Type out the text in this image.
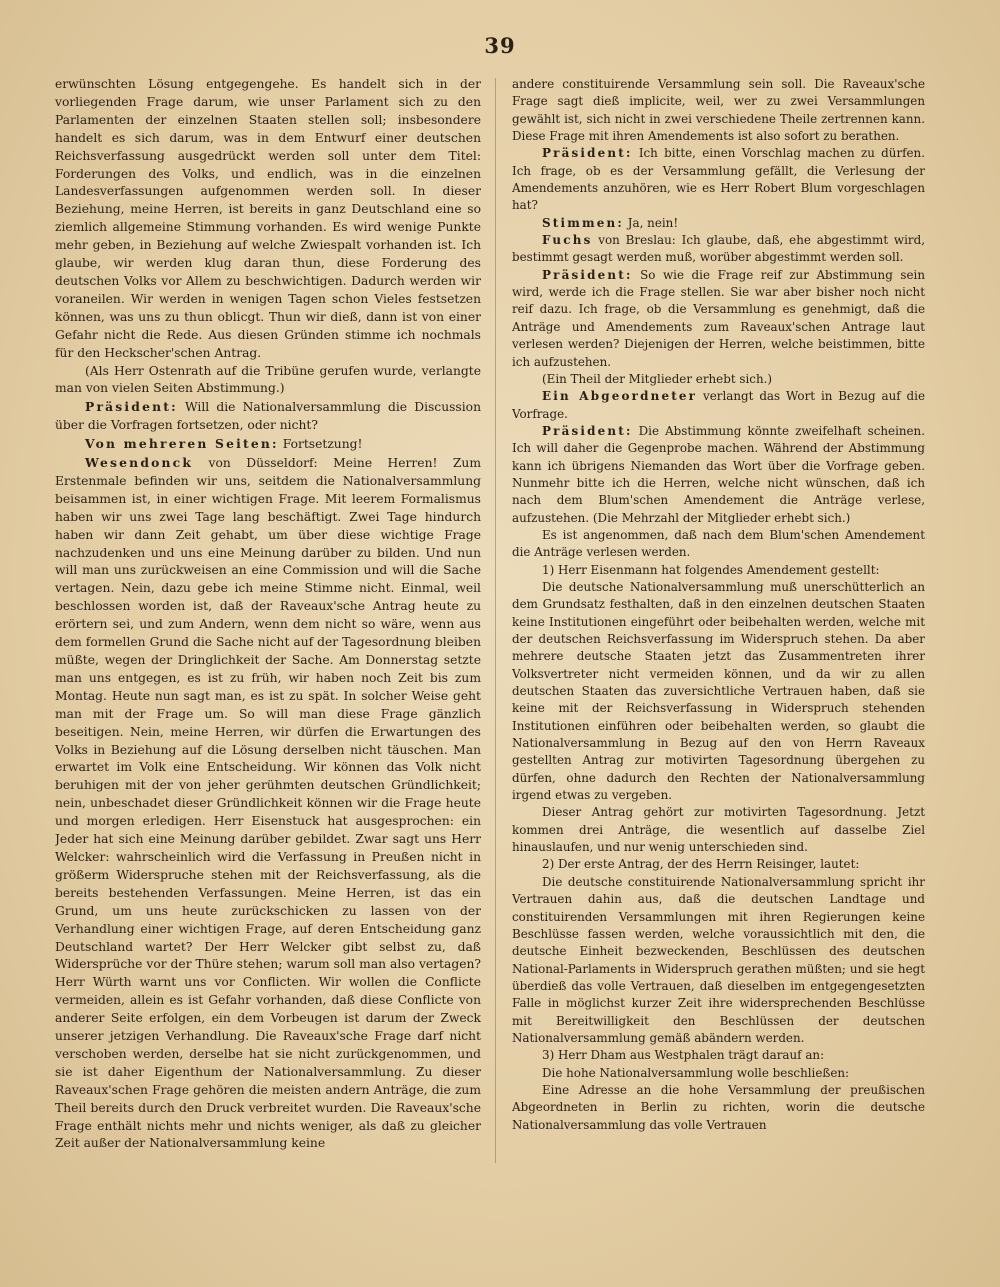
39

erwünschten Lösung entgegengehe. Es handelt sich in der vorliegenden Frage darum, wie unser Parlament sich zu den Parlamenten der einzelnen Staaten stellen soll; insbesondere handelt es sich darum, was in dem Entwurf einer deutschen Reichsverfassung ausgedrückt werden soll unter dem Titel: Forderungen des Volks, und endlich, was in die einzelnen Landesverfassungen aufgenommen werden soll. In dieser Beziehung, meine Herren, ist bereits in ganz Deutschland eine so ziemlich allgemeine Stimmung vorhanden. Es wird wenige Punkte mehr geben, in Beziehung auf welche Zwiespalt vorhanden ist. Ich glaube, wir werden klug daran thun, diese Forderung des deutschen Volks vor Allem zu beschwichtigen. Dadurch werden wir voraneilen. Wir werden in wenigen Tagen schon Vieles festsetzen können, was uns zu thun oblicgt. Thun wir dieß, dann ist von einer Gefahr nicht die Rede. Aus diesen Gründen stimme ich nochmals für den Heckscher'schen Antrag.

(Als Herr Ostenrath auf die Tribüne gerufen wurde, verlangte man von vielen Seiten Abstimmung.)

Präsident: Will die Nationalversammlung die Discussion über die Vorfragen fortsetzen, oder nicht?

Von mehreren Seiten: Fortsetzung!

Wesendonck von Düsseldorf: Meine Herren! Zum Erstenmale befinden wir uns, seitdem die Nationalversammlung beisammen ist, in einer wichtigen Frage. Mit leerem Formalismus haben wir uns zwei Tage lang beschäftigt. Zwei Tage hindurch haben wir dann Zeit gehabt, um über diese wichtige Frage nachzudenken und uns eine Meinung darüber zu bilden. Und nun will man uns zurückweisen an eine Commission und will die Sache vertagen. Nein, dazu gebe ich meine Stimme nicht. Einmal, weil beschlossen worden ist, daß der Raveaux'sche Antrag heute zu erörtern sei, und zum Andern, wenn dem nicht so wäre, wenn aus dem formellen Grund die Sache nicht auf der Tagesordnung bleiben müßte, wegen der Dringlichkeit der Sache. Am Donnerstag setzte man uns entgegen, es ist zu früh, wir haben noch Zeit bis zum Montag. Heute nun sagt man, es ist zu spät. In solcher Weise geht man mit der Frage um. So will man diese Frage gänzlich beseitigen. Nein, meine Herren, wir dürfen die Erwartungen des Volks in Beziehung auf die Lösung derselben nicht täuschen. Man erwartet im Volk eine Entscheidung. Wir können das Volk nicht beruhigen mit der von jeher gerühmten deutschen Gründlichkeit; nein, unbeschadet dieser Gründlichkeit können wir die Frage heute und morgen erledigen. Herr Eisenstuck hat ausgesprochen: ein Jeder hat sich eine Meinung darüber gebildet. Zwar sagt uns Herr Welcker: wahrscheinlich wird die Verfassung in Preußen nicht in größerm Widerspruche stehen mit der Reichsverfassung, als die bereits bestehenden Verfassungen. Meine Herren, ist das ein Grund, um uns heute zurückschicken zu lassen von der Verhandlung einer wichtigen Frage, auf deren Entscheidung ganz Deutschland wartet? Der Herr Welcker gibt selbst zu, daß Widersprüche vor der Thüre stehen; warum soll man also vertagen? Herr Würth warnt uns vor Conflicten. Wir wollen die Conflicte vermeiden, allein es ist Gefahr vorhanden, daß diese Conflicte von anderer Seite erfolgen, ein dem Vorbeugen ist darum der Zweck unserer jetzigen Verhandlung. Die Raveaux'sche Frage darf nicht verschoben werden, derselbe hat sie nicht zurückgenommen, und sie ist daher Eigenthum der Nationalversammlung. Zu dieser Raveaux'schen Frage gehören die meisten andern Anträge, die zum Theil bereits durch den Druck verbreitet wurden. Die Raveaux'sche Frage enthält nichts mehr und nichts weniger, als daß zu gleicher Zeit außer der Nationalversammlung keine

andere constituirende Versammlung sein soll. Die Raveaux'sche Frage sagt dieß implicite, weil, wer zu zwei Versammlungen gewählt ist, sich nicht in zwei verschiedene Theile zertrennen kann. Diese Frage mit ihren Amendements ist also sofort zu berathen.

Präsident: Ich bitte, einen Vorschlag machen zu dürfen. Ich frage, ob es der Versammlung gefällt, die Verlesung der Amendements anzuhören, wie es Herr Robert Blum vorgeschlagen hat?

Stimmen: Ja, nein!

Fuchs von Breslau: Ich glaube, daß, ehe abgestimmt wird, bestimmt gesagt werden muß, worüber abgestimmt werden soll.

Präsident: So wie die Frage reif zur Abstimmung sein wird, werde ich die Frage stellen. Sie war aber bisher noch nicht reif dazu. Ich frage, ob die Versammlung es genehmigt, daß die Anträge und Amendements zum Raveaux'schen Antrage laut verlesen werden? Diejenigen der Herren, welche beistimmen, bitte ich aufzustehen.

(Ein Theil der Mitglieder erhebt sich.)

Ein Abgeordneter verlangt das Wort in Bezug auf die Vorfrage.

Präsident: Die Abstimmung könnte zweifelhaft scheinen. Ich will daher die Gegenprobe machen. Während der Abstimmung kann ich übrigens Niemanden das Wort über die Vorfrage geben. Nunmehr bitte ich die Herren, welche nicht wünschen, daß ich nach dem Blum'schen Amendement die Anträge verlese, aufzustehen. (Die Mehrzahl der Mitglieder erhebt sich.)

Es ist angenommen, daß nach dem Blum'schen Amendement die Anträge verlesen werden.

1) Herr Eisenmann hat folgendes Amendement gestellt:

Die deutsche Nationalversammlung muß unerschütterlich an dem Grundsatz festhalten, daß in den einzelnen deutschen Staaten keine Institutionen eingeführt oder beibehalten werden, welche mit der deutschen Reichsverfassung im Widerspruch stehen. Da aber mehrere deutsche Staaten jetzt das Zusammentreten ihrer Volksvertreter nicht vermeiden können, und da wir zu allen deutschen Staaten das zuversichtliche Vertrauen haben, daß sie keine mit der Reichsverfassung in Widerspruch stehenden Institutionen einführen oder beibehalten werden, so glaubt die Nationalversammlung in Bezug auf den von Herrn Raveaux gestellten Antrag zur motivirten Tagesordnung übergehen zu dürfen, ohne dadurch den Rechten der Nationalversammlung irgend etwas zu vergeben.

Dieser Antrag gehört zur motivirten Tagesordnung. Jetzt kommen drei Anträge, die wesentlich auf dasselbe Ziel hinauslaufen, und nur wenig unterschieden sind.

2) Der erste Antrag, der des Herrn Reisinger, lautet:

Die deutsche constituirende Nationalversammlung spricht ihr Vertrauen dahin aus, daß die deutschen Landtage und constituirenden Versammlungen mit ihren Regierungen keine Beschlüsse fassen werden, welche voraussichtlich mit den, die deutsche Einheit bezweckenden, Beschlüssen des deutschen National-Parlaments in Widerspruch gerathen müßten; und sie hegt überdieß das volle Vertrauen, daß dieselben im entgegengesetzten Falle in möglichst kurzer Zeit ihre widersprechenden Beschlüsse mit Bereitwilligkeit den Beschlüssen der deutschen Nationalversammlung gemäß abändern werden.

3) Herr Dham aus Westphalen trägt darauf an:

Die hohe Nationalversammlung wolle beschließen:

Eine Adresse an die hohe Versammlung der preußischen Abgeordneten in Berlin zu richten, worin die deutsche Nationalversammlung das volle Vertrauen
